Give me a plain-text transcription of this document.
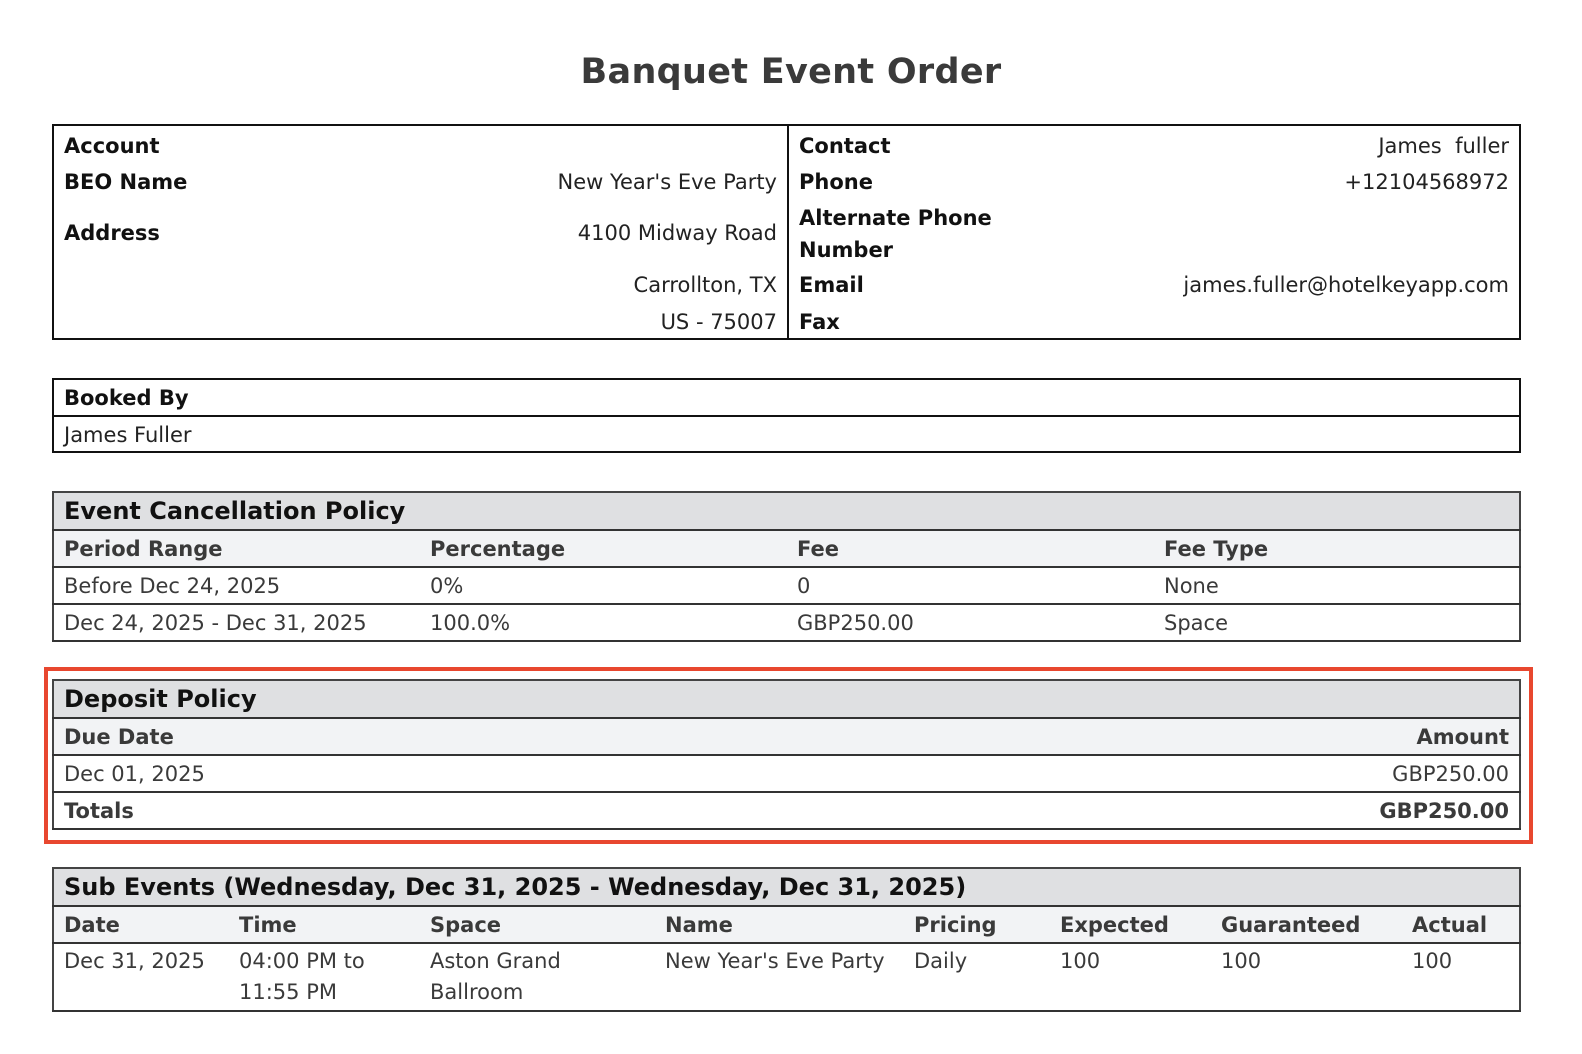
Banquet Event Order
Account
BEO Name	New Year's Eve Party
Address	4100 Midway Road
Carrollton, TX
US - 75007
Contact	James  fuller
Phone	+12104568972
Alternate Phone
Number
Email	james.fuller@hotelkeyapp.com
Fax
Booked By
James Fuller
Event Cancellation Policy			
Period Range	Percentage	Fee	Fee Type
Before Dec 24, 2025	0%	0	None
Dec 24, 2025 - Dec 31, 2025	100.0%	GBP250.00	Space
Deposit Policy	
Due Date	Amount
Dec 01, 2025	GBP250.00
Totals	GBP250.00
Sub Events (Wednesday, Dec 31, 2025 - Wednesday, Dec 31, 2025)							
Date	Time	Space	Name	Pricing	Expected	Guaranteed	Actual
Dec 31, 2025	04:00 PM to 11:55 PM	Aston Grand Ballroom	New Year's Eve Party	Daily	100	100	100
